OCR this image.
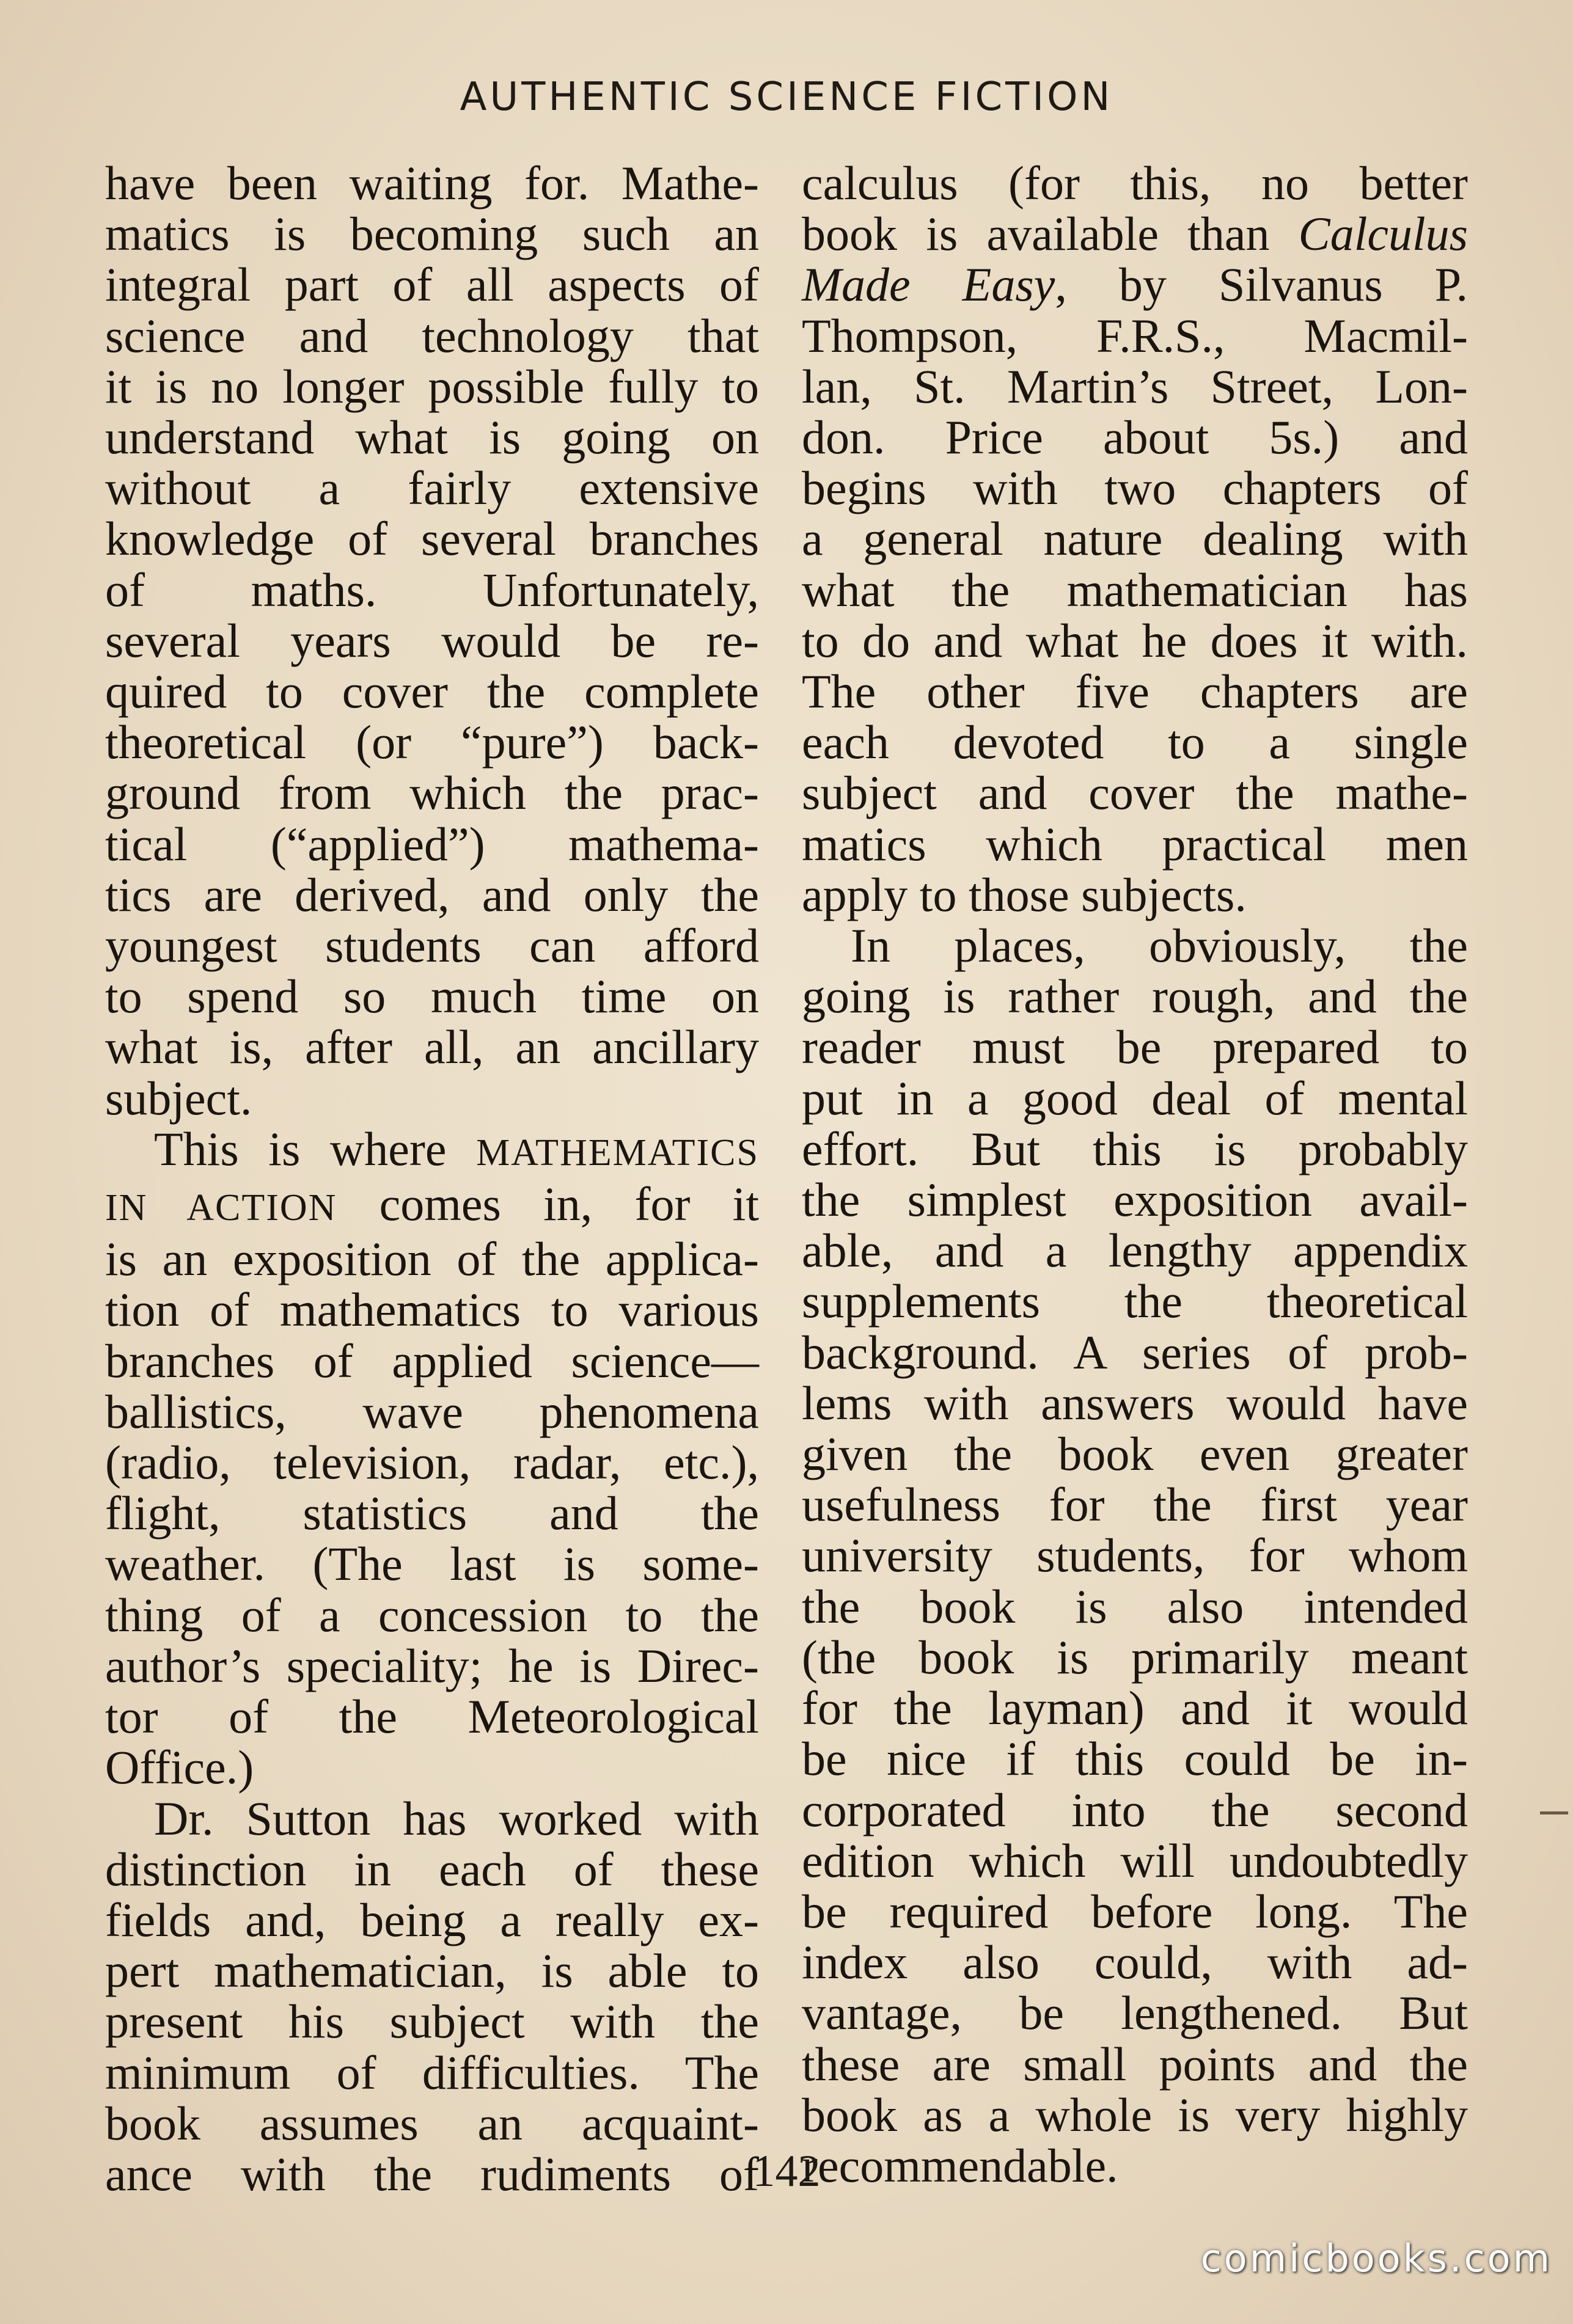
AUTHENTIC SCIENCE FICTION
have been waiting for. Mathe-
matics is becoming such an
integral part of all aspects of
science and technology that
it is no longer possible fully to
understand what is going on
without a fairly extensive
knowledge of several branches
of maths. Unfortunately,
several years would be re-
quired to cover the complete
theoretical (or “pure”) back-
ground from which the prac-
tical (“applied”) mathema-
tics are derived, and only the
youngest students can afford
to spend so much time on
what is, after all, an ancillary
subject.
This is where MATHEMATICS
IN ACTION comes in, for it
is an exposition of the applica-
tion of mathematics to various
branches of applied science—
ballistics, wave phenomena
(radio, television, radar, etc.),
flight, statistics and the
weather. (The last is some-
thing of a concession to the
author’s speciality; he is Direc-
tor of the Meteorological
Office.)
Dr. Sutton has worked with
distinction in each of these
fields and, being a really ex-
pert mathematician, is able to
present his subject with the
minimum of difficulties. The
book assumes an acquaint-
ance with the rudiments of
calculus (for this, no better
book is available than Calculus
Made Easy, by Silvanus P.
Thompson, F.R.S., Macmil-
lan, St. Martin’s Street, Lon-
don. Price about 5s.) and
begins with two chapters of
a general nature dealing with
what the mathematician has
to do and what he does it with.
The other five chapters are
each devoted to a single
subject and cover the mathe-
matics which practical men
apply to those subjects.
In places, obviously, the
going is rather rough, and the
reader must be prepared to
put in a good deal of mental
effort. But this is probably
the simplest exposition avail-
able, and a lengthy appendix
supplements the theoretical
background. A series of prob-
lems with answers would have
given the book even greater
usefulness for the first year
university students, for whom
the book is also intended
(the book is primarily meant
for the layman) and it would
be nice if this could be in-
corporated into the second
edition which will undoubtedly
be required before long. The
index also could, with ad-
vantage, be lengthened. But
these are small points and the
book as a whole is very highly
recommendable.
142
comicbooks.com
